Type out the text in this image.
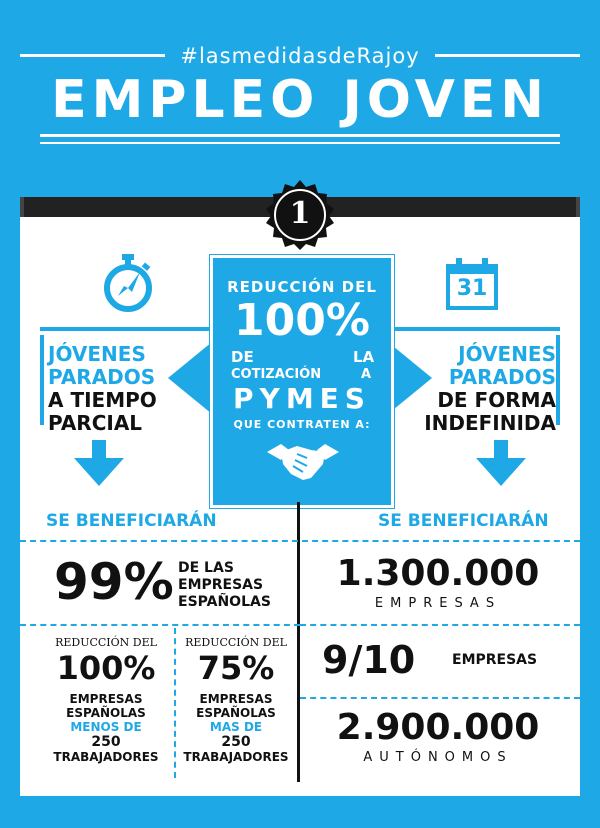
#lasmedidasdeRajoy
EMPLEO JOVEN
1
31
JÓVENES
PARADOS
A TIEMPO
PARCIAL
JÓVENES
PARADOS
DE FORMA
INDEFINIDA
REDUCCIÓN DEL
100%
DE	LA
COTIZACIÓN	A
PYMES
QUE CONTRATEN A:
SE BENEFICIARÁN	SE BENEFICIARÁN
99% DE LAS
EMPRESAS
ESPAÑOLAS
REDUCCIÓN DEL
100%
EMPRESAS
ESPAÑOLAS
MENOS DE
250
TRABAJADORES
REDUCCIÓN DEL
75%
EMPRESAS
ESPAÑOLAS
MAS DE
250
TRABAJADORES
1.300.000
EMPRESAS
9/10	EMPRESAS
2.900.000
AUTÓNOMOS
